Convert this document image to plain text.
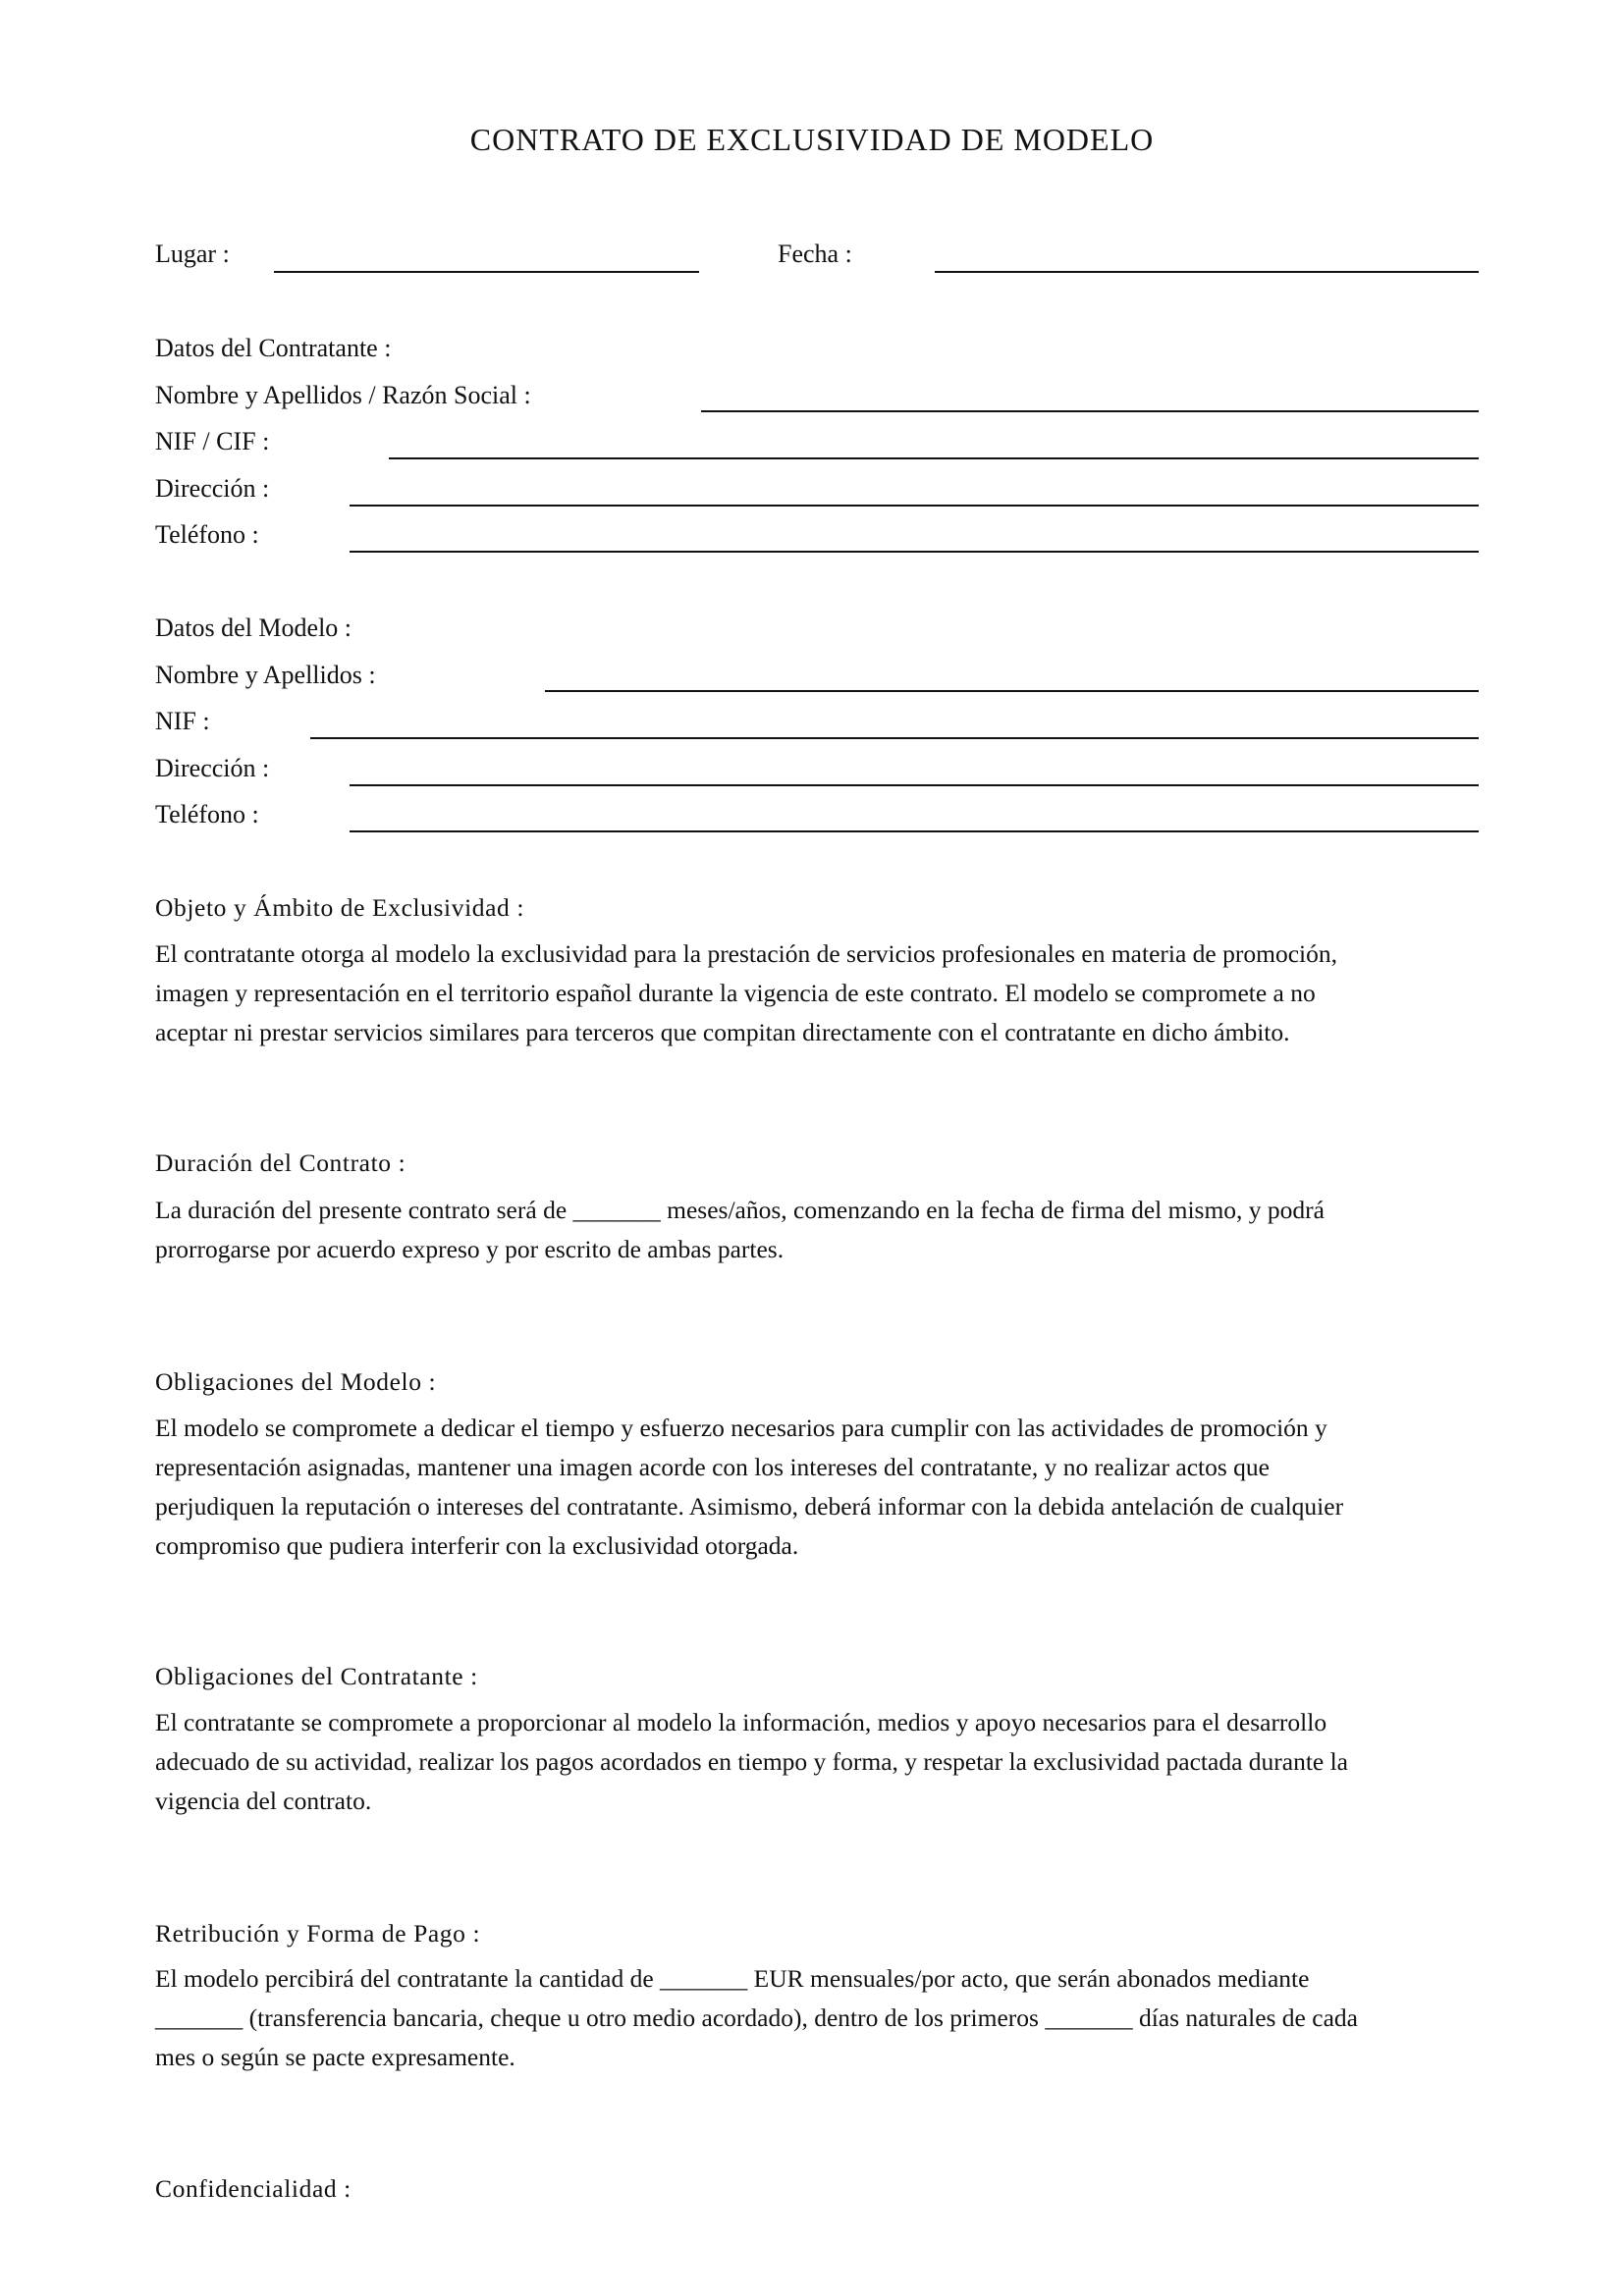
CONTRATO DE EXCLUSIVIDAD DE MODELO
Lugar :	Fecha :
Datos del Contratante :
Nombre y Apellidos / Razón Social :
NIF / CIF :
Dirección :
Teléfono :
Datos del Modelo :
Nombre y Apellidos :
NIF :
Dirección :
Teléfono :
Objeto y Ámbito de Exclusividad :
El contratante otorga al modelo la exclusividad para la prestación de servicios profesionales en materia de promoción,
imagen y representación en el territorio español durante la vigencia de este contrato. El modelo se compromete a no
aceptar ni prestar servicios similares para terceros que compitan directamente con el contratante en dicho ámbito.
Duración del Contrato :
La duración del presente contrato será de _______ meses/años, comenzando en la fecha de firma del mismo, y podrá
prorrogarse por acuerdo expreso y por escrito de ambas partes.
Obligaciones del Modelo :
El modelo se compromete a dedicar el tiempo y esfuerzo necesarios para cumplir con las actividades de promoción y
representación asignadas, mantener una imagen acorde con los intereses del contratante, y no realizar actos que
perjudiquen la reputación o intereses del contratante. Asimismo, deberá informar con la debida antelación de cualquier
compromiso que pudiera interferir con la exclusividad otorgada.
Obligaciones del Contratante :
El contratante se compromete a proporcionar al modelo la información, medios y apoyo necesarios para el desarrollo
adecuado de su actividad, realizar los pagos acordados en tiempo y forma, y respetar la exclusividad pactada durante la
vigencia del contrato.
Retribución y Forma de Pago :
El modelo percibirá del contratante la cantidad de _______ EUR mensuales/por acto, que serán abonados mediante
_______ (transferencia bancaria, cheque u otro medio acordado), dentro de los primeros _______ días naturales de cada
mes o según se pacte expresamente.
Confidencialidad :
